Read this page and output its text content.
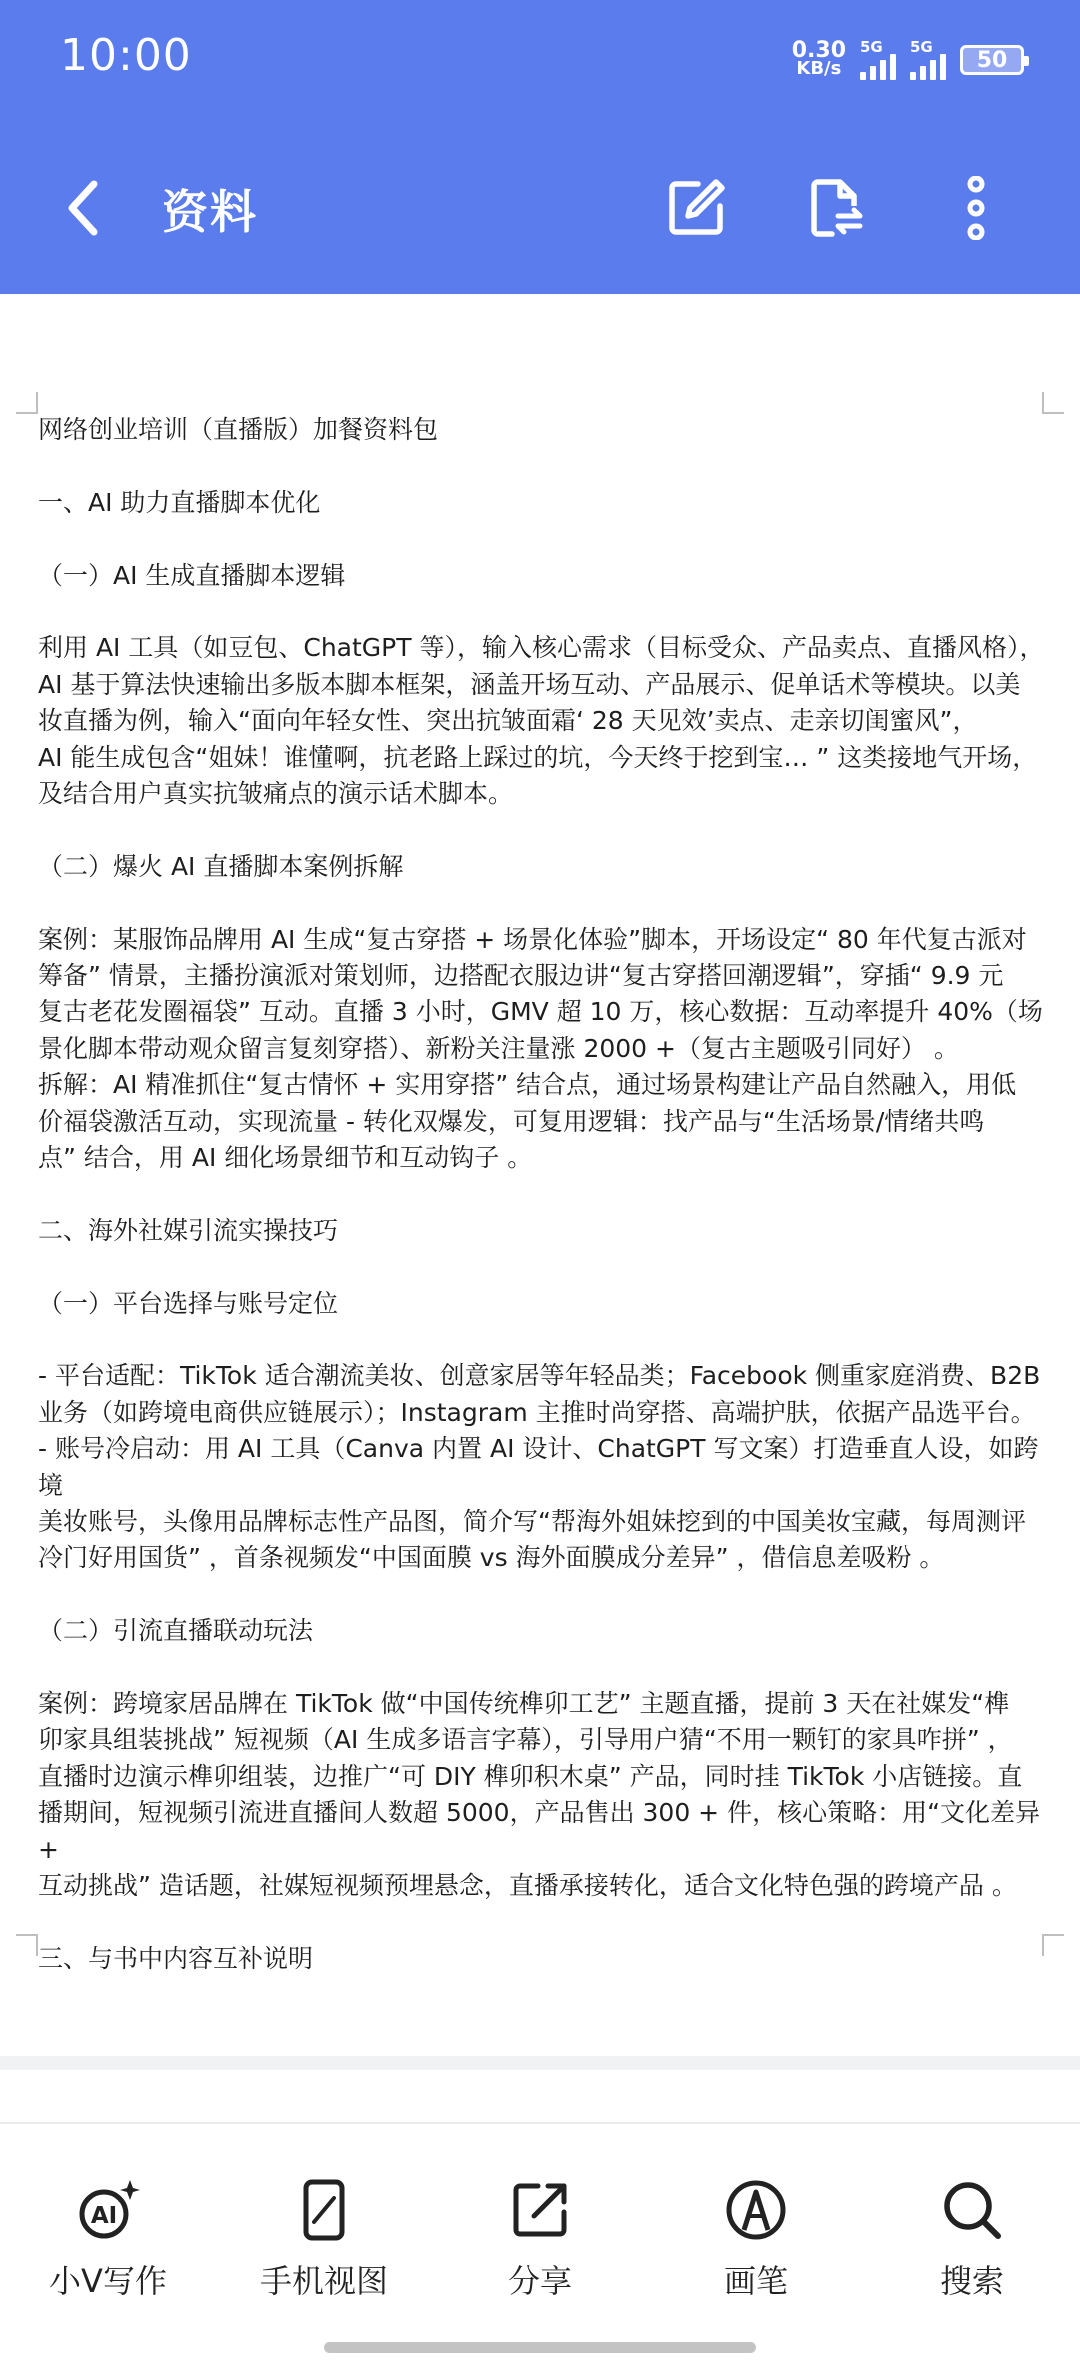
10:00	0.30
KB/s
5G 5G
50
资料

网络创业培训（直播版）加餐资料包

一、AI 助力直播脚本优化

（一）AI 生成直播脚本逻辑

利用 AI 工具（如豆包、ChatGPT 等），输入核心需求（目标受众、产品卖点、直播风格），

AI 基于算法快速输出多版本脚本框架，涵盖开场互动、产品展示、促单话术等模块。以美

妆直播为例，输入“面向年轻女性、突出抗皱面霜‘ 28 天见效’卖点、走亲切闺蜜风”，

AI 能生成包含“姐妹！谁懂啊，抗老路上踩过的坑，今天终于挖到宝… ” 这类接地气开场，

及结合用户真实抗皱痛点的演示话术脚本。

（二）爆火 AI 直播脚本案例拆解

案例：某服饰品牌用 AI 生成“复古穿搭 + 场景化体验”脚本，开场设定“ 80 年代复古派对

筹备” 情景，主播扮演派对策划师，边搭配衣服边讲“复古穿搭回潮逻辑”，穿插“ 9.9 元

复古老花发圈福袋” 互动。直播 3 小时，GMV 超 10 万，核心数据：互动率提升 40%（场

景化脚本带动观众留言复刻穿搭）、新粉关注量涨 2000 +（复古主题吸引同好） 。

拆解：AI 精准抓住“复古情怀 + 实用穿搭” 结合点，通过场景构建让产品自然融入，用低

价福袋激活互动，实现流量 - 转化双爆发，可复用逻辑：找产品与“生活场景/情绪共鸣

点” 结合，用 AI 细化场景细节和互动钩子 。

二、海外社媒引流实操技巧

（一）平台选择与账号定位

- 平台适配：TikTok 适合潮流美妆、创意家居等年轻品类；Facebook 侧重家庭消费、B2B

业务（如跨境电商供应链展示）；Instagram 主推时尚穿搭、高端护肤，依据产品选平台。

- 账号冷启动：用 AI 工具（Canva 内置 AI 设计、ChatGPT 写文案）打造垂直人设，如跨境

美妆账号，头像用品牌标志性产品图，简介写“帮海外姐妹挖到的中国美妆宝藏，每周测评

冷门好用国货” ，首条视频发“中国面膜 vs 海外面膜成分差异” ，借信息差吸粉 。

（二）引流直播联动玩法

案例：跨境家居品牌在 TikTok 做“中国传统榫卯工艺” 主题直播，提前 3 天在社媒发“榫

卯家具组装挑战” 短视频（AI 生成多语言字幕），引导用户猜“不用一颗钉的家具咋拼” ，

直播时边演示榫卯组装，边推广“可 DIY 榫卯积木桌” 产品，同时挂 TikTok 小店链接。直

播期间，短视频引流进直播间人数超 5000，产品售出 300 + 件，核心策略：用“文化差异 +

互动挑战” 造话题，社媒短视频预埋悬念，直播承接转化，适合文化特色强的跨境产品 。

三、与书中内容互补说明

AI
小V写作	手机视图	分享	画笔	搜索
